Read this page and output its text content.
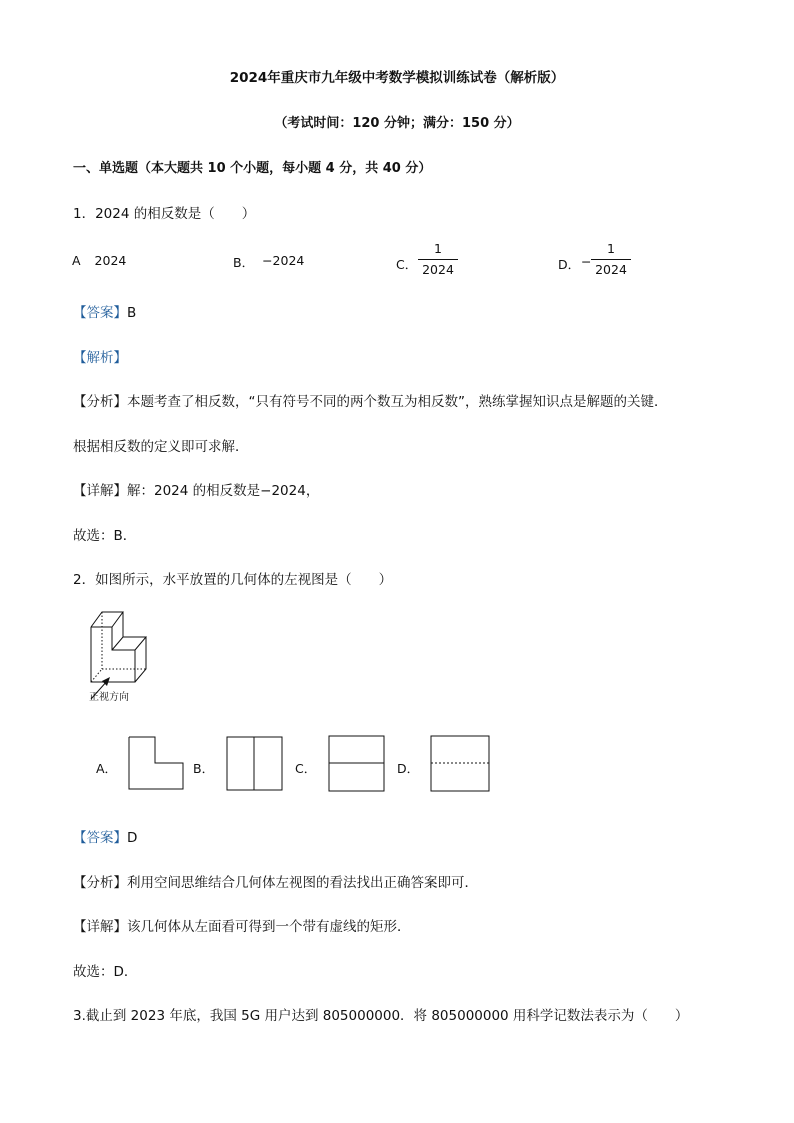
2024年重庆市九年级中考数学模拟训练试卷（解析版）
（考试时间：120 分钟；满分：150 分）
一、单选题（本大题共 10 个小题，每小题 4 分，共 40 分）
1．2024 的相反数是（　　）
A 2024	B． −2024	C．
1
2024	D． −
1
2024
【答案】B
【解析】
【分析】本题考查了相反数，“只有符号不同的两个数互为相反数”，熟练掌握知识点是解题的关键．
根据相反数的定义即可求解．
【详解】解：2024 的相反数是−2024，
故选：B．
2．如图所示，水平放置的几何体的左视图是（　　）
正视方向
A．	B．	C．	D．
【答案】D
【分析】利用空间思维结合几何体左视图的看法找出正确答案即可．
【详解】该几何体从左面看可得到一个带有虚线的矩形．
故选：D．
3.截止到 2023 年底，我国 5G 用户达到 805000000．将 805000000 用科学记数法表示为（　　）
